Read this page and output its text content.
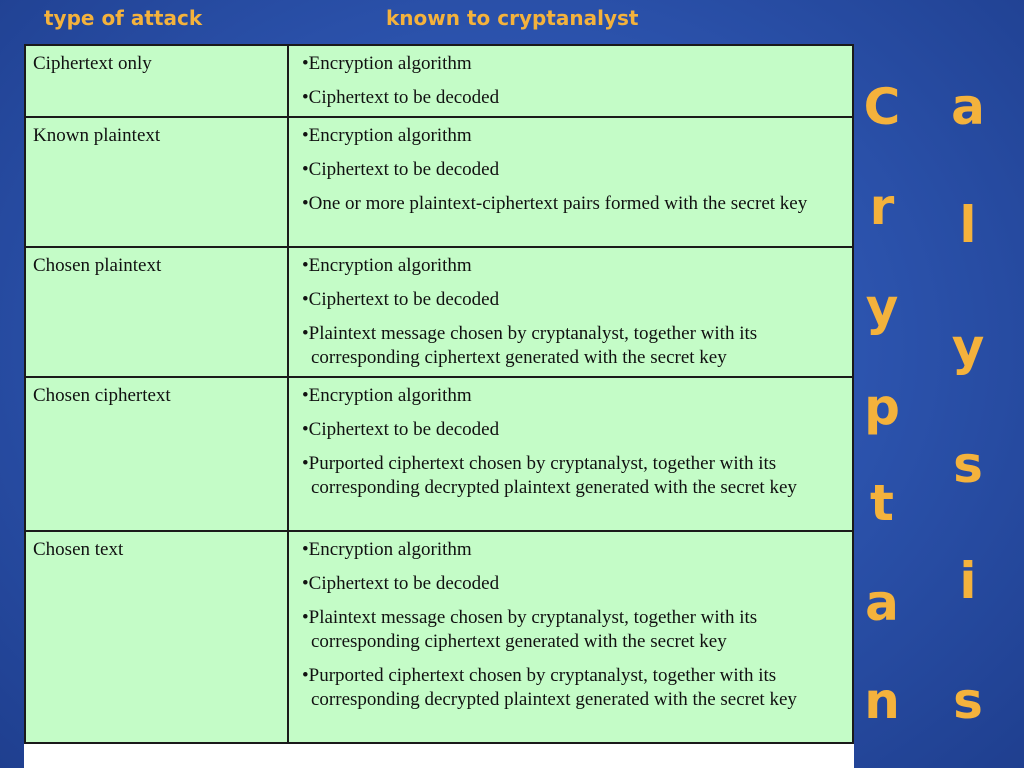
type of attack	known to cryptanalyst
Ciphertext only	•Encryption algorithm
•Ciphertext to be decoded

Known plaintext	•Encryption algorithm
•Ciphertext to be decoded
•One or more plaintext-ciphertext pairs formed with the secret key

Chosen plaintext	•Encryption algorithm
•Ciphertext to be decoded
•Plaintext message chosen by cryptanalyst, together with its corresponding ciphertext generated with the secret key

Chosen ciphertext	•Encryption algorithm
•Ciphertext to be decoded
•Purported ciphertext chosen by cryptanalyst, together with its corresponding decrypted plaintext generated with the secret key

Chosen text	•Encryption algorithm
•Ciphertext to be decoded
•Plaintext message chosen by cryptanalyst, together with its corresponding ciphertext generated with the secret key
•Purported ciphertext chosen by cryptanalyst, together with its corresponding decrypted plaintext generated with the secret key
C
r
y
p
t
a
n
a
l
y
s
i
s
